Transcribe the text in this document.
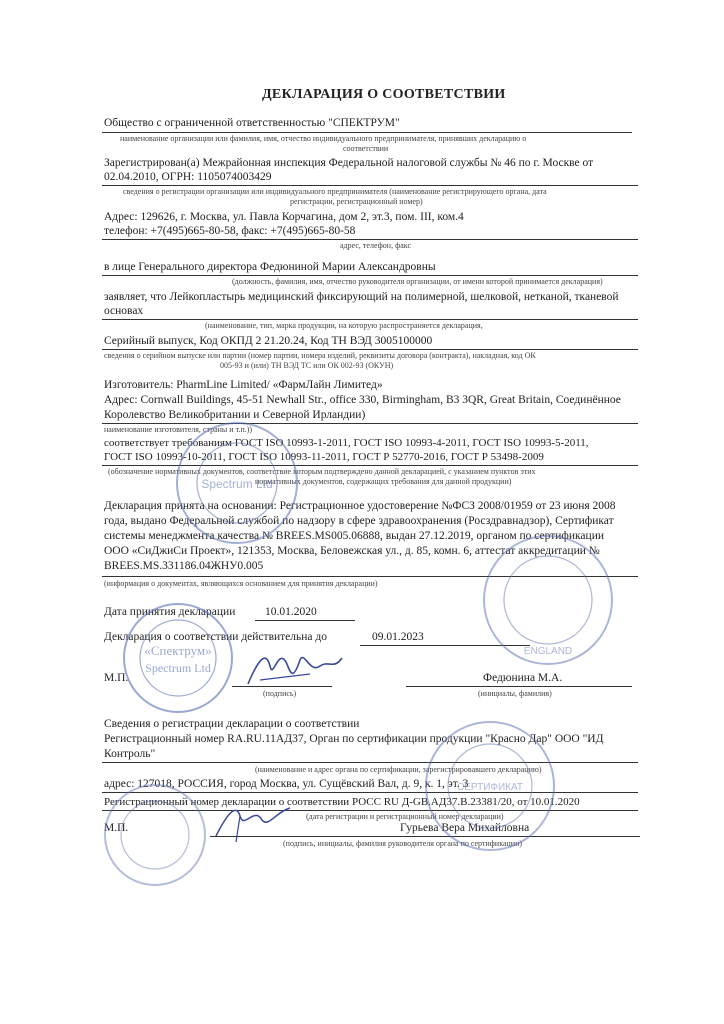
ДЕКЛАРАЦИЯ О СООТВЕТСТВИИ
Общество с ограниченной ответственностью "СПЕКТРУМ"
наименование организации или фамилия, имя, отчество индивидуального предпринимателя, принявших декларацию о
соответствии
Зарегистрирован(а) Межрайонная инспекция Федеральной налоговой службы № 46 по г. Москве от
02.04.2010, ОГРН: 1105074003429
сведения о регистрации организации или индивидуального предпринимателя (наименование регистрирующего органа, дата
регистрации, регистрационный номер)
Адрес: 129626, г. Москва, ул. Павла Корчагина, дом 2, эт.3, пом. III, ком.4
телефон: +7(495)665-80-58, факс: +7(495)665-80-58
адрес, телефон, факс
в лице Генерального директора Федюниной Марии Александровны
(должность, фамилия, имя, отчество руководителя организации, от имени которой принимается декларация)
заявляет, что Лейкопластырь медицинский фиксирующий на полимерной, шелковой, нетканой, тканевой
основах
(наименование, тип, марка продукции, на которую распространяется декларация,
Серийный выпуск, Код ОКПД 2 21.20.24, Код ТН ВЭД 3005100000
сведения о серийном выпуске или партии (номер партии, номера изделий, реквизиты договора (контракта), накладная, код ОК
005-93 и (или) ТН ВЭД ТС или ОК 002-93 (ОКУН)
Изготовитель: PharmLine Limited/ «ФармЛайн Лимитед»
Адрес: Cornwall Buildings, 45-51 Newhall Str., office 330, Birmingham, B3 3QR, Great Britain, Соединённое
Королевство Великобритании и Северной Ирландии)
наименование изготовителя, страны и т.п.))
соответствует требованиям ГОСТ ISO 10993-1-2011, ГОСТ ISO 10993-4-2011, ГОСТ ISO 10993-5-2011,
ГОСТ ISO 10993-10-2011, ГОСТ ISO 10993-11-2011, ГОСТ Р 52770-2016, ГОСТ Р 53498-2009
(обозначение нормативных документов, соответствие которым подтверждено данной декларацией, с указанием пунктов этих
нормативных документов, содержащих требования для данной продукции)
Декларация принята на основании: Регистрационное удостоверение №ФСЗ 2008/01959 от 23 июня 2008
года, выдано Федеральной службой по надзору в сфере здравоохранения (Росздравнадзор), Сертификат
системы менеджмента качества № BREES.MS005.06888, выдан 27.12.2019, органом по сертификации
ООО «СиДжиСи Проект», 121353, Москва, Беловежская ул., д. 85, комн. 6, аттестат аккредитации №
BREES.MS.331186.04ЖНУ0.005
(информация о документах, являющихся основанием для принятия декларации)
Дата принятия декларации	10.01.2020
Декларация о соответствии действительна до	09.01.2023
М.П.
(подпись)
Федюнина М.А.
(инициалы, фамилия)
Сведения о регистрации декларации о соответствии
Регистрационный номер RA.RU.11АД37, Орган по сертификации продукции "Красно Дар" ООО "ИД
Контроль"
(наименование и адрес органа по сертификации, зарегистрировавшего декларацию)
адрес: 127018, РОССИЯ, город Москва, ул. Сущёвский Вал, д. 9, к. 1, эт. 3
Регистрационный номер декларации о соответствии РОСС RU Д-GB.АД37.В.23381/20, от 10.01.2020
(дата регистрации и регистрационный номер декларации)
М.П.	Гурьева Вера Михайловна
(подпись, инициалы, фамилия руководителя органа по сертификации)
Spectrum Ltd
ENGLAND
«Спектрум»
Spectrum Ltd
СЕРТИФИКАТ
